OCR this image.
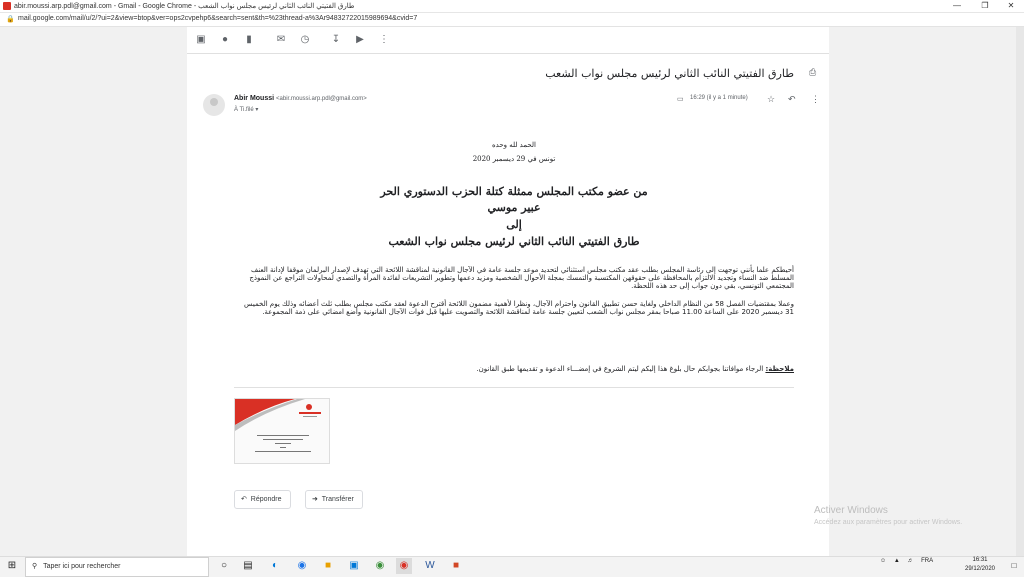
abir.moussi.arp.pdl@gmail.com - Gmail - Google Chrome - طارق الفتيتي النائب الثاني لرئيس مجلس نواب الشعب	—	❐	✕
🔒 mail.google.com/mail/u/2/?ui=2&view=btop&ver=ops2cvpehp6&search=sent&th=%23thread-a%3Ar9483272201598969​4&cvid=7
▣ ●	▮	✉ ◷ ↧ ▶ ⋮
طارق الفتيتي النائب الثاني لرئيس مجلس نواب الشعب ⎙
Abir Moussi <abir.moussi.arp.pdl@gmail.com>
À Ti.filé ▾
▭ 16:29 (il y a 1 minute) ☆ ↶ ⋮
الحمد لله وحده
تونس في 29 ديسمبر 2020
من عضو مكتب المجلس ممثلة كتلة الحزب الدستوري الحر
عبير موسي
إلى
طارق الفتيتي النائب الثاني لرئيس مجلس نواب الشعب
أحيطكم علما بأنني توجهت إلى رئاسة المجلس بطلب عقد مكتب مجلس استثنائي لتحديد موعد جلسة عامة في الآجال القانونية لمناقشة اللائحة التي تهدف لإصدار البرلمان موقفا لإدانة العنف المسلط ضد النساء وتجديد الالتزام بالمحافظة على حقوقهن المكتسبة والتمسك بمجلة الأحوال الشخصية ومزيد دعمها وتطوير التشريعات لفائدة المرأة والتصدي لمحاولات التراجع عن النموذج المجتمعي التونسي، بقي دون جواب إلى حد هذه اللحظة.
وعملا بمقتضيات الفصل 58 من النظام الداخلي ولغاية حسن تطبيق القانون واحترام الآجال، ونظرا لأهمية مضمون اللائحة أقترح الدعوة لعقد مكتب مجلس بطلب ثلث أعضائه وذلك يوم الخميس 31 ديسمبر 2020 على الساعة 11.00 صباحا بمقر مجلس نواب الشعب لتعيين جلسة عامة لمناقشة اللائحة والتصويت عليها قبل فوات الآجال القانونية وأضع امضائي على ذمة المجموعة.
ملاحظة: الرجاء موافاتنا بجوابكم حال بلوغ هذا إليكم ليتم الشروع في إمضـــاء الدعوة و تقديمها طبق القانون.
↶ Répondre	➜ Transférer
Activer Windows
Accédez aux paramètres pour activer Windows.
⊞	⚲ Taper ici pour rechercher	○	▤	◐	◉	■	▣	◉	◉	W	■	☺ ▲ ♬ FRA	16:31
29/12/2020	□
